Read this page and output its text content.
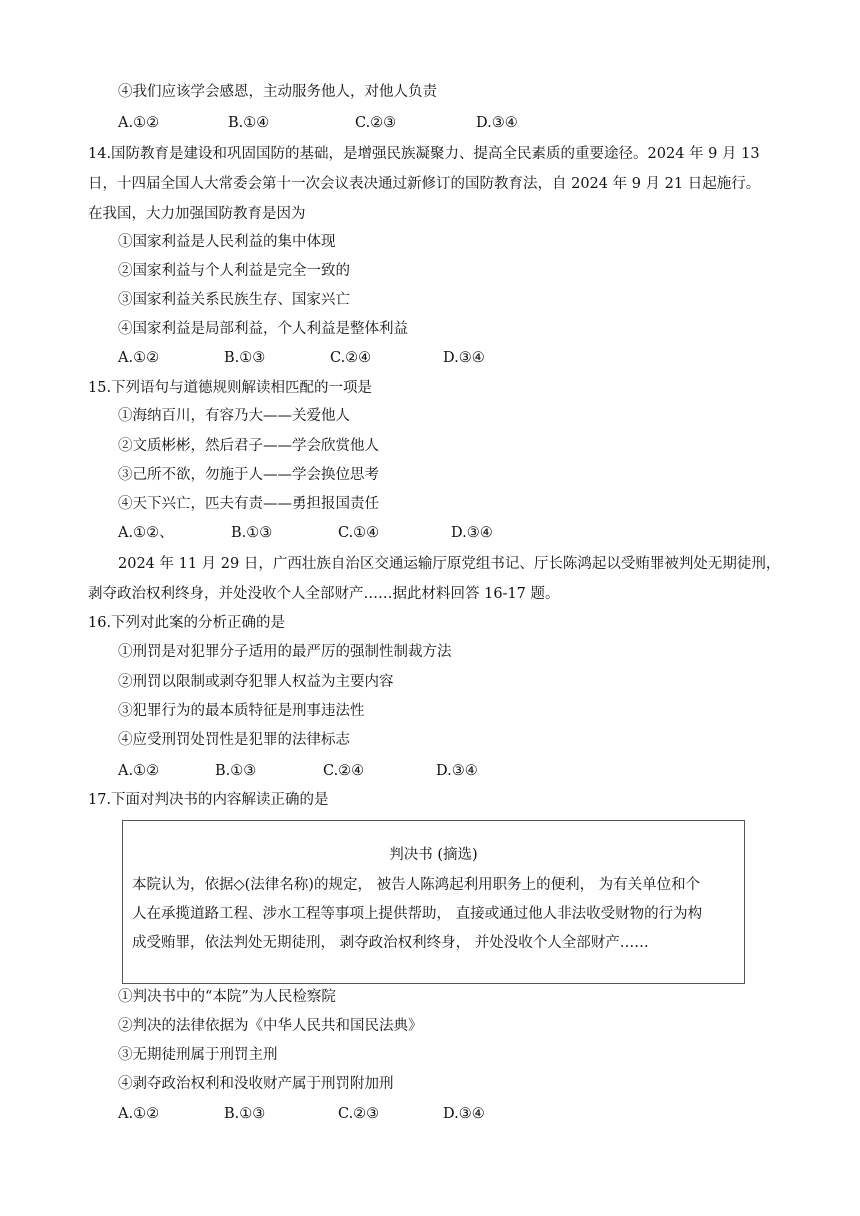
④我们应该学会感恩，主动服务他人，对他人负责
A.①②	B.①④	C.②③	D.③④
14.国防教育是建设和巩固国防的基础，是增强民族凝聚力、提高全民素质的重要途径。2024 年 9 月 13
日，十四届全国人大常委会第十一次会议表决通过新修订的国防教育法，自 2024 年 9 月 21 日起施行。
在我国，大力加强国防教育是因为
①国家利益是人民利益的集中体现
②国家利益与个人利益是完全一致的
③国家利益关系民族生存、国家兴亡
④国家利益是局部利益，个人利益是整体利益
A.①②	B.①③	C.②④	D.③④
15.下列语句与道德规则解读相匹配的一项是
①海纳百川，有容乃大——关爱他人
②文质彬彬，然后君子——学会欣赏他人
③己所不欲，勿施于人——学会换位思考
④天下兴亡，匹夫有责——勇担报国责任
A.①②、	B.①③	C.①④	D.③④
2024 年 11 月 29 日，广西壮族自治区交通运输厅原党组书记、厅长陈鸿起以受贿罪被判处无期徒刑，
剥夺政治权利终身，并处没收个人全部财产……据此材料回答 16-17 题。
16.下列对此案的分析正确的是
①刑罚是对犯罪分子适用的最严厉的强制性制裁方法
②刑罚以限制或剥夺犯罪人权益为主要内容
③犯罪行为的最本质特征是刑事违法性
④应受刑罚处罚性是犯罪的法律标志
A.①②	B.①③	C.②④	D.③④
17.下面对判决书的内容解读正确的是
判决书 (摘选)
本院认为，依据◇(法律名称)的规定， 被告人陈鸿起利用职务上的便利， 为有关单位和个
人在承揽道路工程、涉水工程等事项上提供帮助， 直接或通过他人非法收受财物的行为构
成受贿罪，依法判处无期徒刑， 剥夺政治权利终身， 并处没收个人全部财产……
①判决书中的“本院”为人民检察院
②判决的法律依据为《中华人民共和国民法典》
③无期徒刑属于刑罚主刑
④剥夺政治权利和没收财产属于刑罚附加刑
A.①②	B.①③	C.②③	D.③④
